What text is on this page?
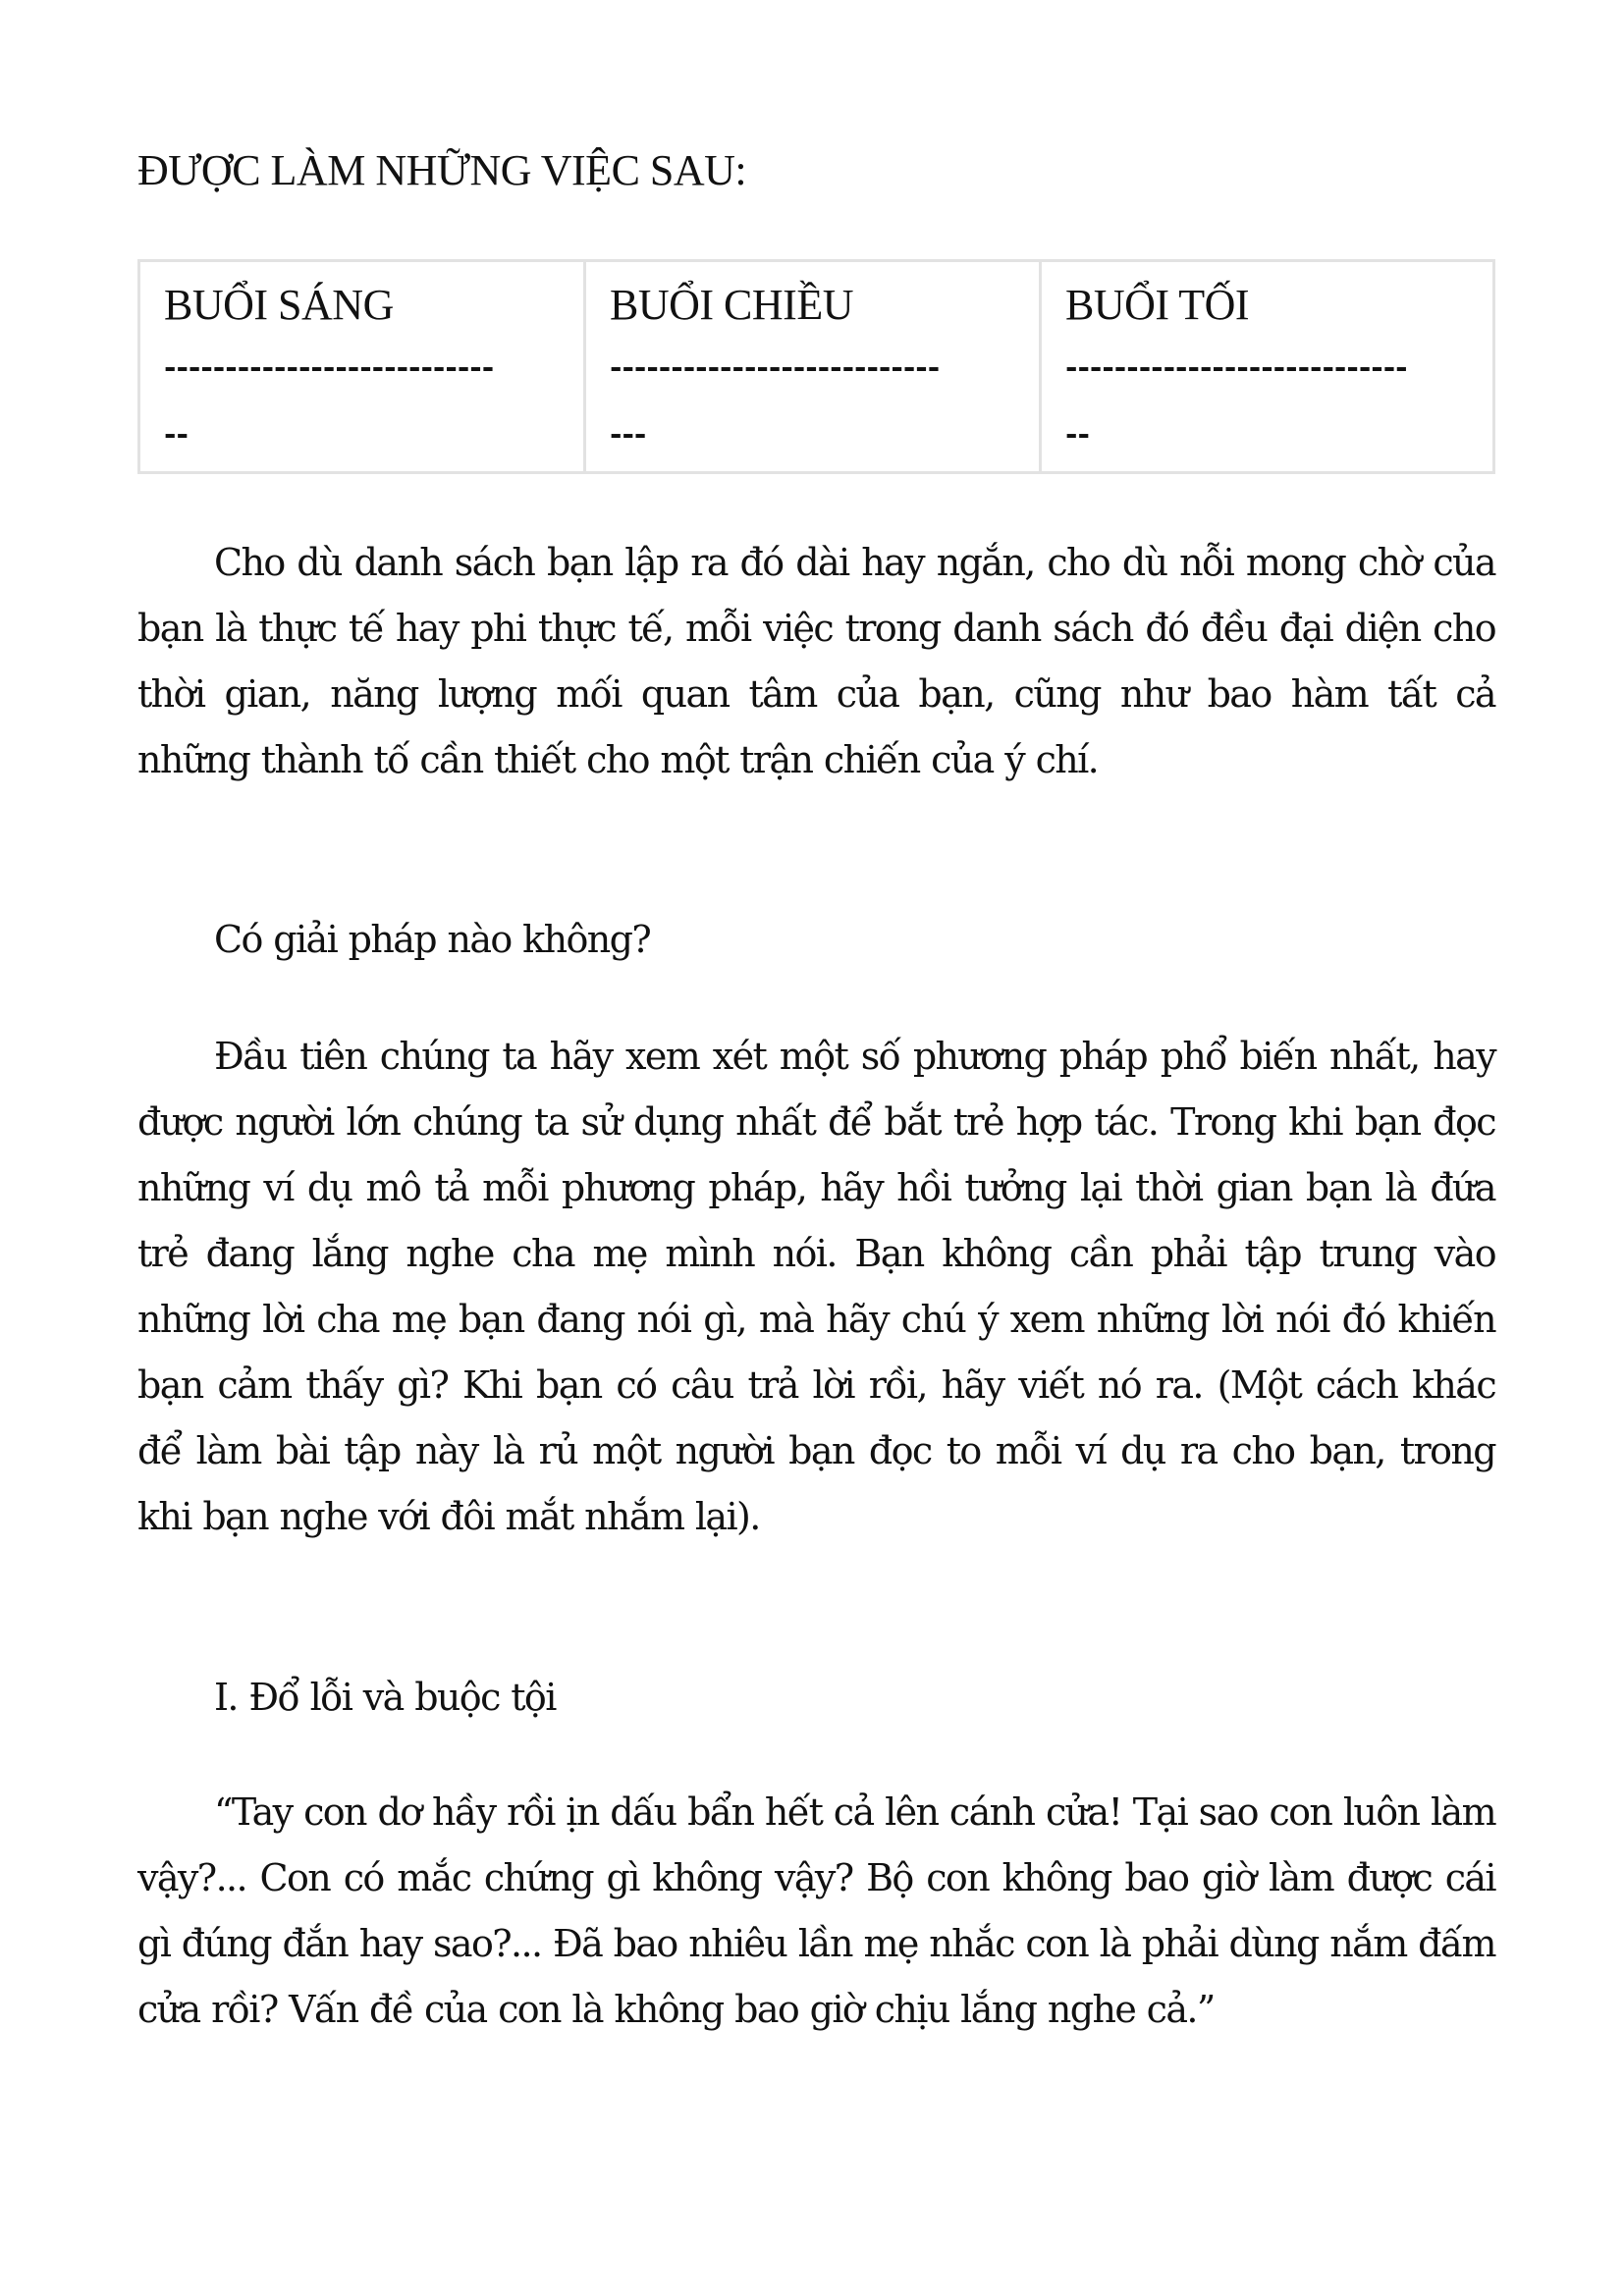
ĐƯỢC LÀM NHỮNG VIỆC SAU:
BUỔI SÁNG
---------------------------
--
BUỔI CHIỀU
---------------------------
---
BUỔI TỐI
----------------------------
--

Cho dù danh sách bạn lập ra đó dài hay ngắn, cho dù nỗi mong chờ của bạn là thực tế hay phi thực tế, mỗi việc trong danh sách đó đều đại diện cho thời gian, năng lượng mối quan tâm của bạn, cũng như bao hàm tất cả những thành tố cần thiết cho một trận chiến của ý chí.

Có giải pháp nào không?

Đầu tiên chúng ta hãy xem xét một số phương pháp phổ biến nhất, hay được người lớn chúng ta sử dụng nhất để bắt trẻ hợp tác. Trong khi bạn đọc những ví dụ mô tả mỗi phương pháp, hãy hồi tưởng lại thời gian bạn là đứa trẻ đang lắng nghe cha mẹ mình nói. Bạn không cần phải tập trung vào những lời cha mẹ bạn đang nói gì, mà hãy chú ý xem những lời nói đó khiến bạn cảm thấy gì? Khi bạn có câu trả lời rồi, hãy viết nó ra. (Một cách khác để làm bài tập này là rủ một người bạn đọc to mỗi ví dụ ra cho bạn, trong khi bạn nghe với đôi mắt nhắm lại).

I. Đổ lỗi và buộc tội

“Tay con dơ hầy rồi ịn dấu bẩn hết cả lên cánh cửa! Tại sao con luôn làm vậy?... Con có mắc chứng gì không vậy? Bộ con không bao giờ làm được cái gì đúng đắn hay sao?... Đã bao nhiêu lần mẹ nhắc con là phải dùng nắm đấm cửa rồi? Vấn đề của con là không bao giờ chịu lắng nghe cả.”
